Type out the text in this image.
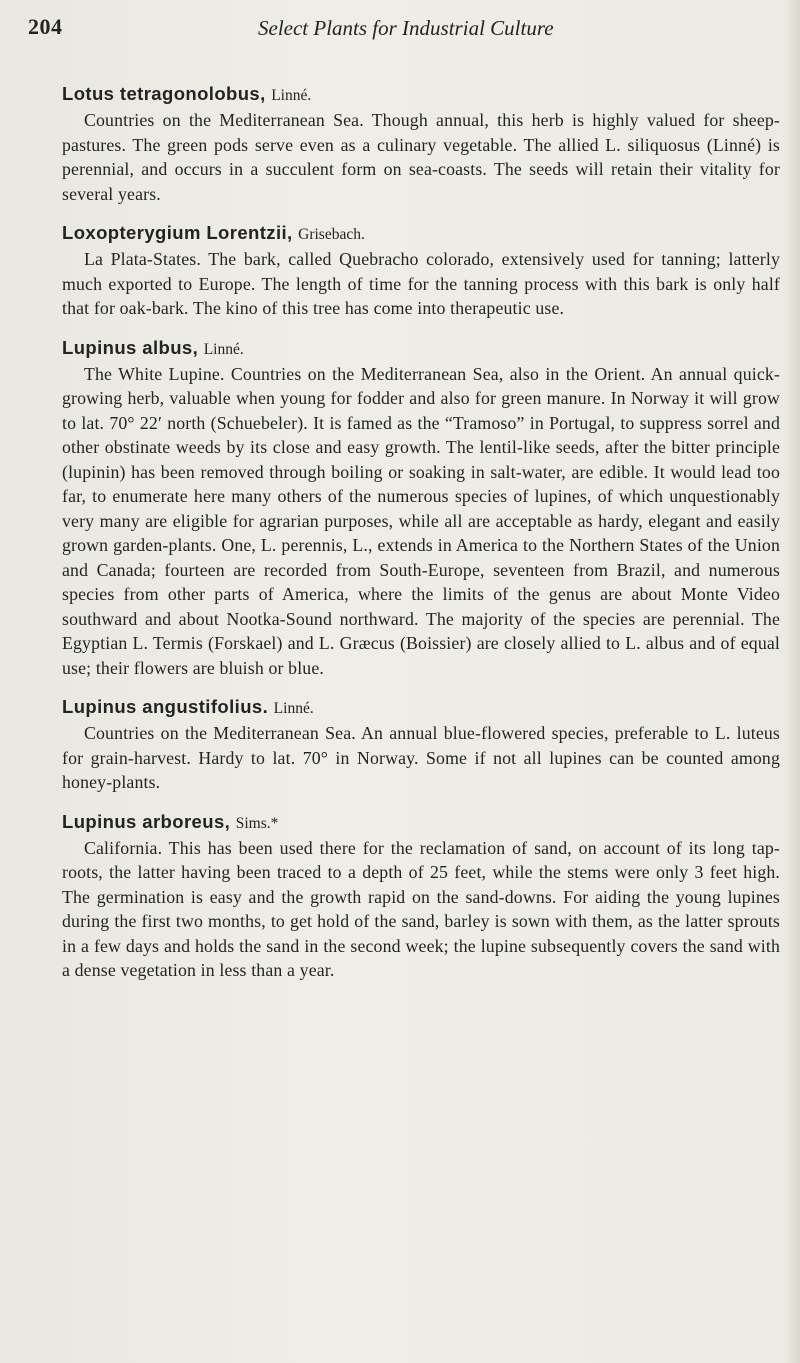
204	Select Plants for Industrial Culture

Lotus tetragonolobus, Linné.

Countries on the Mediterranean Sea. Though annual, this herb is highly valued for sheep-pastures. The green pods serve even as a culinary vegetable. The allied L. siliquosus (Linné) is perennial, and occurs in a succulent form on sea-coasts. The seeds will retain their vitality for several years.

Loxopterygium Lorentzii, Grisebach.

La Plata-States. The bark, called Quebracho colorado, extensively used for tanning; latterly much exported to Europe. The length of time for the tanning process with this bark is only half that for oak-bark. The kino of this tree has come into therapeutic use.

Lupinus albus, Linné.

The White Lupine. Countries on the Mediterranean Sea, also in the Orient. An annual quick-growing herb, valuable when young for fodder and also for green manure. In Norway it will grow to lat. 70° 22′ north (Schuebeler). It is famed as the “Tramoso” in Portugal, to suppress sorrel and other obstinate weeds by its close and easy growth. The lentil-like seeds, after the bitter principle (lupinin) has been removed through boiling or soaking in salt-water, are edible. It would lead too far, to enumerate here many others of the numerous species of lupines, of which unquestionably very many are eligible for agrarian purposes, while all are acceptable as hardy, elegant and easily grown garden-plants. One, L. perennis, L., extends in America to the Northern States of the Union and Canada; fourteen are recorded from South-Europe, seventeen from Brazil, and numerous species from other parts of America, where the limits of the genus are about Monte Video southward and about Nootka-Sound northward. The majority of the species are perennial. The Egyptian L. Termis (Forskael) and L. Græcus (Boissier) are closely allied to L. albus and of equal use; their flowers are bluish or blue.

Lupinus angustifolius. Linné.

Countries on the Mediterranean Sea. An annual blue-flowered species, preferable to L. luteus for grain-harvest. Hardy to lat. 70° in Norway. Some if not all lupines can be counted among honey-plants.

Lupinus arboreus, Sims.*

California. This has been used there for the reclamation of sand, on account of its long tap-roots, the latter having been traced to a depth of 25 feet, while the stems were only 3 feet high. The germination is easy and the growth rapid on the sand-downs. For aiding the young lupines during the first two months, to get hold of the sand, barley is sown with them, as the latter sprouts in a few days and holds the sand in the second week; the lupine subsequently covers the sand with a dense vegetation in less than a year.
